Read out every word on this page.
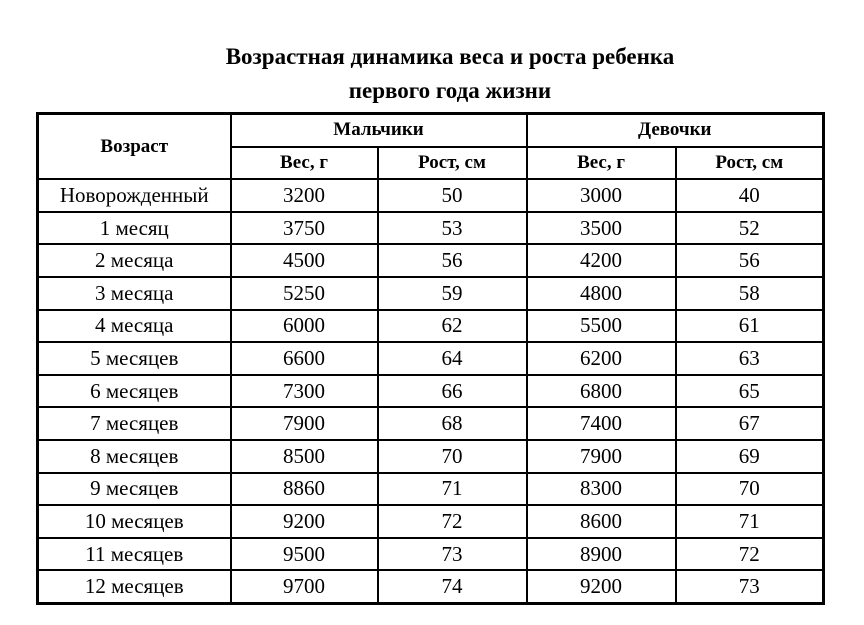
Возрастная динамика веса и роста ребенка
первого года жизни
Возраст	Мальчики		Девочки	
	Вес, г	Рост, см	Вес, г	Рост, см
Новорожденный	3200	50	3000	40
1 месяц	3750	53	3500	52
2 месяца	4500	56	4200	56
3 месяца	5250	59	4800	58
4 месяца	6000	62	5500	61
5 месяцев	6600	64	6200	63
6 месяцев	7300	66	6800	65
7 месяцев	7900	68	7400	67
8 месяцев	8500	70	7900	69
9 месяцев	8860	71	8300	70
10 месяцев	9200	72	8600	71
11 месяцев	9500	73	8900	72
12 месяцев	9700	74	9200	73
